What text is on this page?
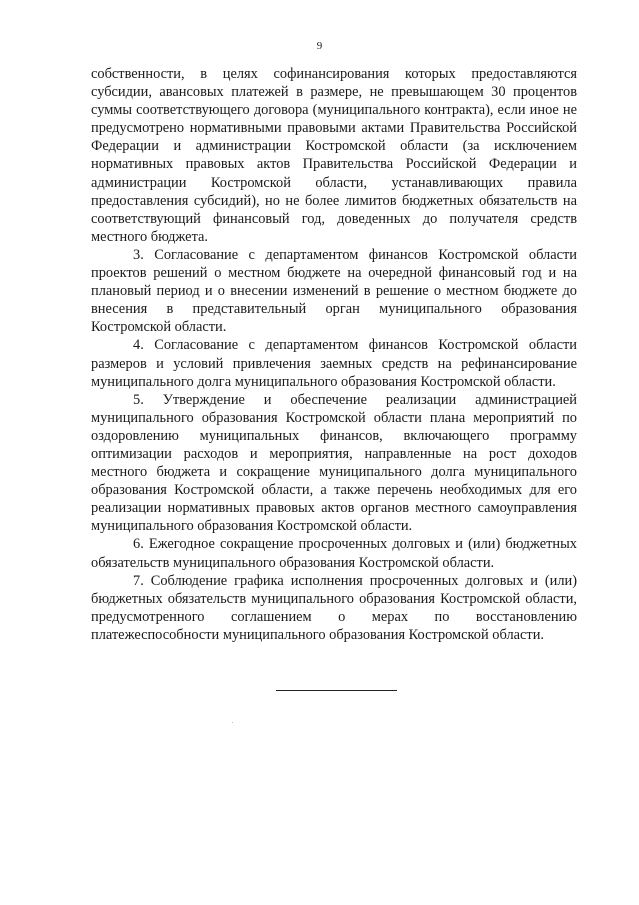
9

собственности, в целях софинансирования которых предоставляются субсидии, авансовых платежей в размере, не превышающем 30 процентов суммы соответствующего договора (муниципального контракта), если иное не предусмотрено нормативными правовыми актами Правительства Российской Федерации и администрации Костромской области (за исключением нормативных правовых актов Правительства Российской Федерации и администрации Костромской области, устанавливающих правила предоставления субсидий), но не более лимитов бюджетных обязательств на соответствующий финансовый год, доведенных до получателя средств местного бюджета.

3. Согласование с департаментом финансов Костромской области проектов решений о местном бюджете на очередной финансовый год и на плановый период и о внесении изменений в решение о местном бюджете до внесения в представительный орган муниципального образования Костромской области.

4. Согласование с департаментом финансов Костромской области размеров и условий привлечения заемных средств на рефинансирование муниципального долга муниципального образования Костромской области.

5. Утверждение и обеспечение реализации администрацией муниципального образования Костромской области плана мероприятий по оздоровлению муниципальных финансов, включающего программу оптимизации расходов и мероприятия, направленные на рост доходов местного бюджета и сокращение муниципального долга муниципального образования Костромской области, а также перечень необходимых для его реализации нормативных правовых актов органов местного самоуправления муниципального образования Костромской области.

6. Ежегодное сокращение просроченных долговых и (или) бюджетных обязательств муниципального образования Костромской области.

7. Соблюдение графика исполнения просроченных долговых и (или) бюджетных обязательств муниципального образования Костромской области, предусмотренного соглашением о мерах по восстановлению платежеспособности муниципального образования Костромской области.
